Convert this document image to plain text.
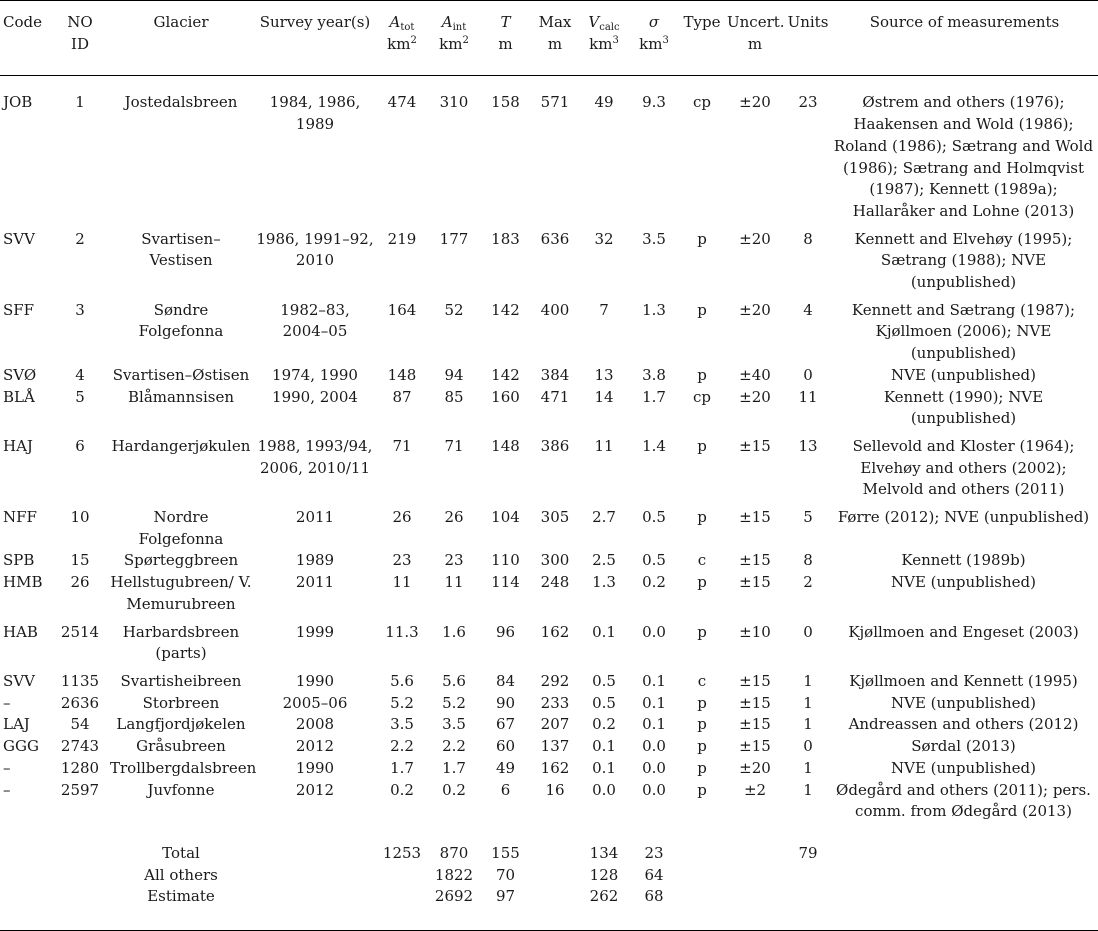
Code	NO	Glacier	Survey year(s)	$A_{tot}$	$A_{int}$	T	Max	$V_{calc}$	σ	Type	Uncert.	Units	Source of measurements
	ID			$km^2$	$km^2$	m	m	$km^3$	$km^3$		m		
JOB	1	Jostedalsbreen	1984, 1986, 1989	474	310	158	571	49	9.3	cp	±20	23	Østrem and others (1976); Haakensen and Wold (1986); Roland (1986); Sætrang and Wold (1986); Sætrang and Holmqvist (1987); Kennett (1989a); Hallaråker and Lohne (2013)
SVV	2	Svartisen–Vestisen	1986, 1991–92, 2010	219	177	183	636	32	3.5	p	±20	8	Kennett and Elvehøy (1995); Sætrang (1988); NVE (unpublished)
SFF	3	Søndre Folgefonna	1982–83, 2004–05	164	52	142	400	7	1.3	p	±20	4	Kennett and Sætrang (1987); Kjøllmoen (2006); NVE (unpublished)
SVØ	4	Svartisen–Østisen	1974, 1990	148	94	142	384	13	3.8	p	±40	0	NVE (unpublished)
BLÅ	5	Blåmannsisen	1990, 2004	87	85	160	471	14	1.7	cp	±20	11	Kennett (1990); NVE (unpublished)
HAJ	6	Hardangerjøkulen	1988, 1993/94, 2006, 2010/11	71	71	148	386	11	1.4	p	±15	13	Sellevold and Kloster (1964); Elvehøy and others (2002); Melvold and others (2011)
NFF	10	Nordre Folgefonna	2011	26	26	104	305	2.7	0.5	p	±15	5	Førre (2012); NVE (unpublished)
SPB	15	Spørteggbreen	1989	23	23	110	300	2.5	0.5	c	±15	8	Kennett (1989b)
HMB	26	Hellstugubreen/ V. Memurubreen	2011	11	11	114	248	1.3	0.2	p	±15	2	NVE (unpublished)
HAB	2514	Harbardsbreen (parts)	1999	11.3	1.6	96	162	0.1	0.0	p	±10	0	Kjøllmoen and Engeset (2003)
SVV	1135	Svartisheibreen	1990	5.6	5.6	84	292	0.5	0.1	c	±15	1	Kjøllmoen and Kennett (1995)
–	2636	Storbreen	2005–06	5.2	5.2	90	233	0.5	0.1	p	±15	1	NVE (unpublished)
LAJ	54	Langfjordjøkelen	2008	3.5	3.5	67	207	0.2	0.1	p	±15	1	Andreassen and others (2012)
GGG	2743	Gråsubreen	2012	2.2	2.2	60	137	0.1	0.0	p	±15	0	Sørdal (2013)
–	1280	Trollbergdalsbreen	1990	1.7	1.7	49	162	0.1	0.0	p	±20	1	NVE (unpublished)
–	2597	Juvfonne	2012	0.2	0.2	6	16	0.0	0.0	p	±2	1	Ødegård and others (2011); pers. comm. from Ødegård (2013)
		Total		1253	870	155		134	23			79	
		All others			1822	70		128	64				
		Estimate			2692	97		262	68				
